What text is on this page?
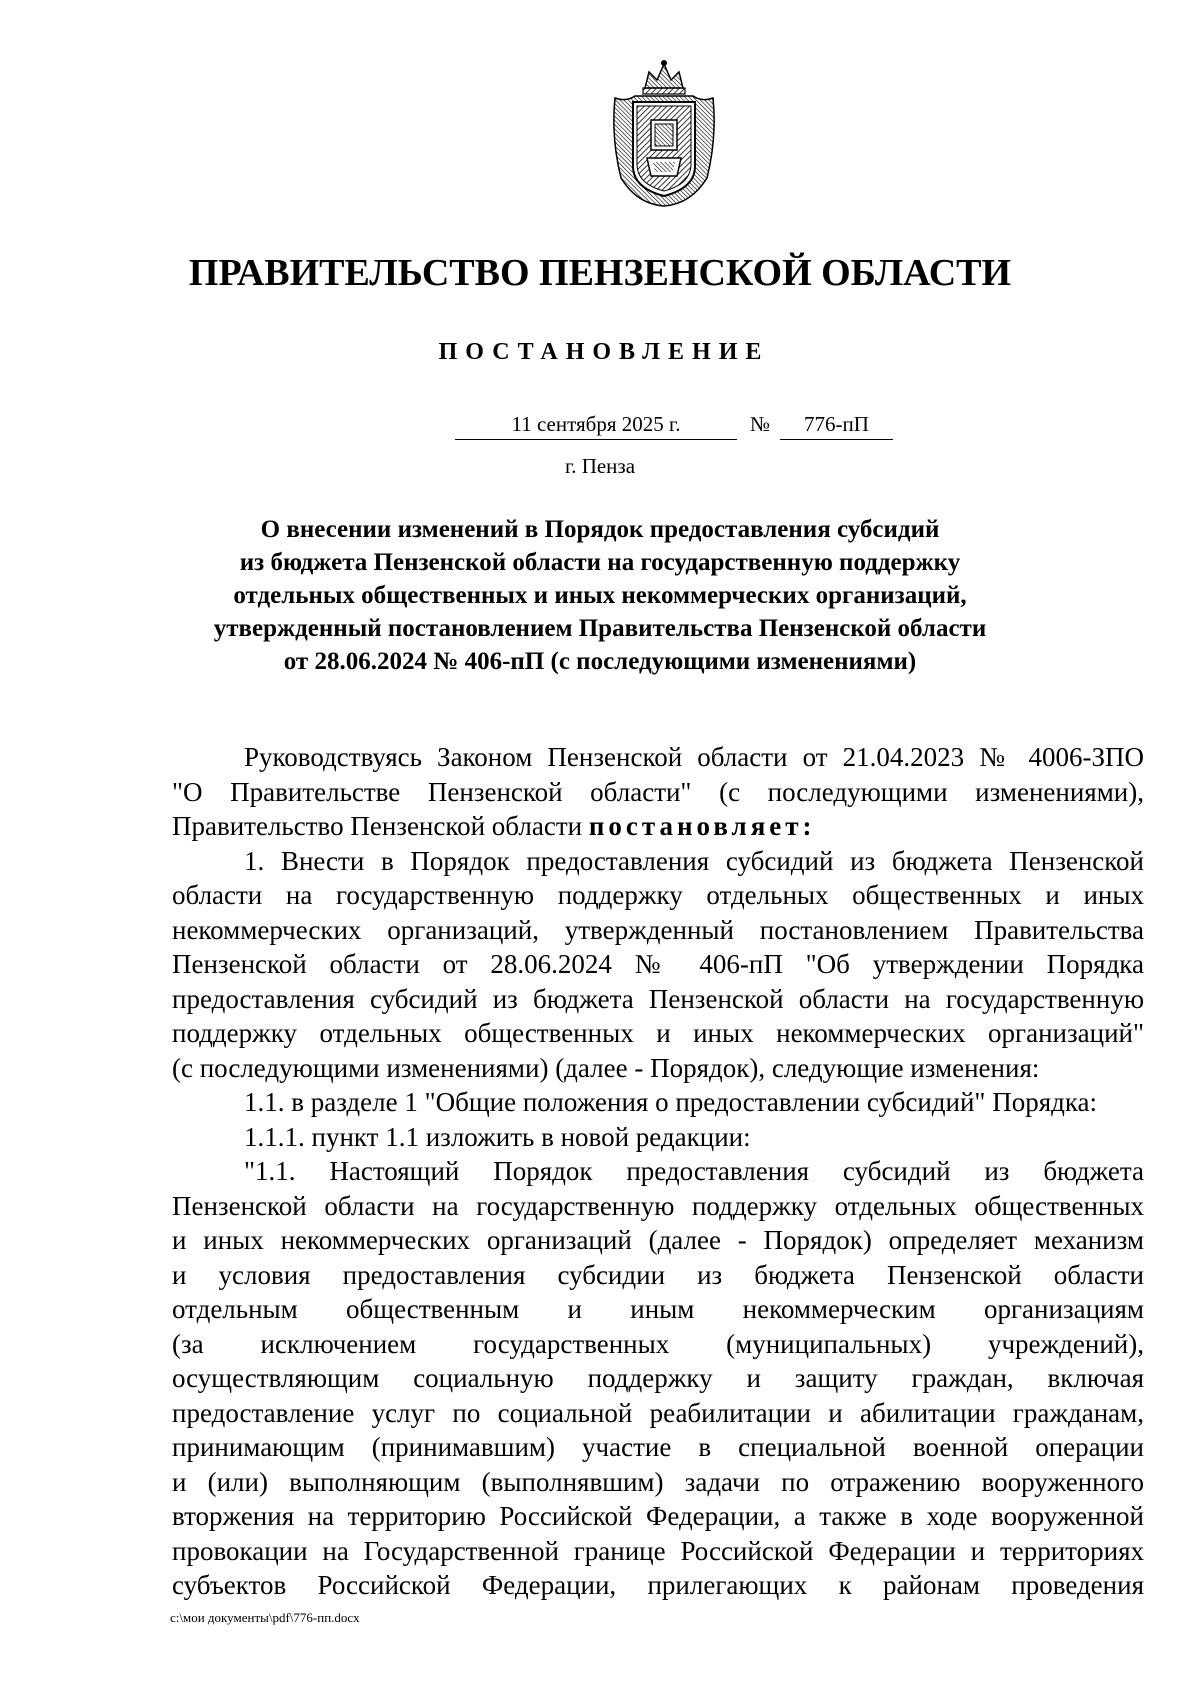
ПРАВИТЕЛЬСТВО ПЕНЗЕНСКОЙ ОБЛАСТИ
ПОСТАНОВЛЕНИЕ
11 сентября 2025 г.	№	776-пП
г. Пенза
О внесении изменений в Порядок предоставления субсидий
из бюджета Пензенской области на государственную поддержку
отдельных общественных и иных некоммерческих организаций,
утвержденный постановлением Правительства Пензенской области
от 28.06.2024 № 406-пП (с последующими изменениями)
Руководствуясь Законом Пензенской области от 21.04.2023 № 4006-ЗПО
"О Правительстве Пензенской области" (с последующими изменениями),
Правительство Пензенской области постановляет:
1. Внести в Порядок предоставления субсидий из бюджета Пензенской
области на государственную поддержку отдельных общественных и иных
некоммерческих организаций, утвержденный постановлением Правительства
Пензенской области от 28.06.2024 № 406-пП "Об утверждении Порядка
предоставления субсидий из бюджета Пензенской области на государственную
поддержку отдельных общественных и иных некоммерческих организаций"
(с последующими изменениями) (далее - Порядок), следующие изменения:
1.1. в разделе 1 "Общие положения о предоставлении субсидий" Порядка:
1.1.1. пункт 1.1 изложить в новой редакции:
"1.1. Настоящий Порядок предоставления субсидий из бюджета
Пензенской области на государственную поддержку отдельных общественных
и иных некоммерческих организаций (далее - Порядок) определяет механизм
и условия предоставления субсидии из бюджета Пензенской области
отдельным общественным и иным некоммерческим организациям
(за исключением государственных (муниципальных) учреждений),
осуществляющим социальную поддержку и защиту граждан, включая
предоставление услуг по социальной реабилитации и абилитации гражданам,
принимающим (принимавшим) участие в специальной военной операции
и (или) выполняющим (выполнявшим) задачи по отражению вооруженного
вторжения на территорию Российской Федерации, а также в ходе вооруженной
провокации на Государственной границе Российской Федерации и территориях
субъектов Российской Федерации, прилегающих к районам проведения
c:\мои документы\pdf\776-пп.docx
